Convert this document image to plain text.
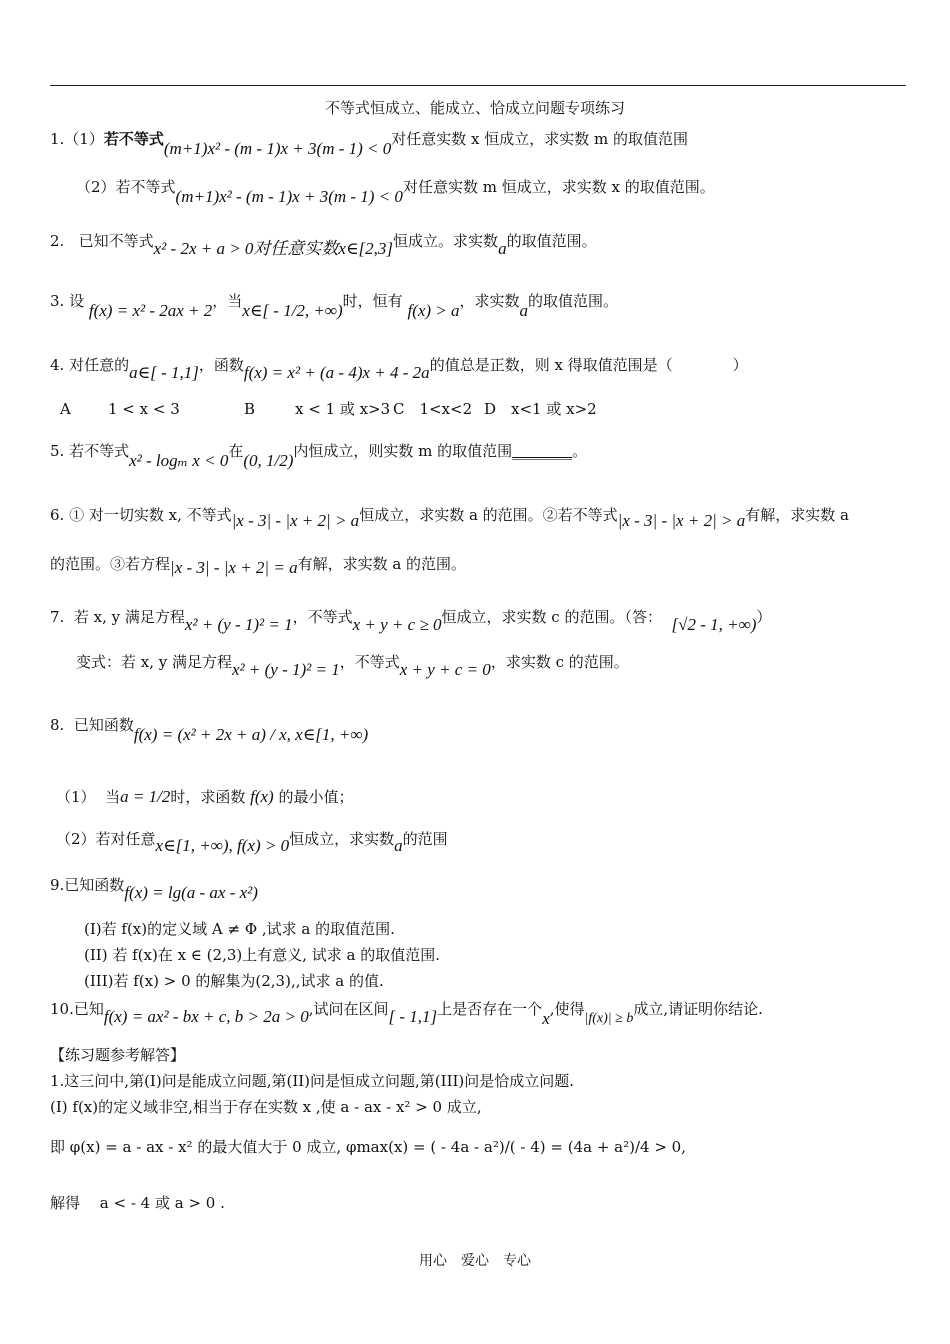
不等式恒成立、能成立、恰成立问题专项练习
1.（1）若不等式(m+1)x² - (m - 1)x + 3(m - 1) < 0对任意实数 x 恒成立，求实数 m 的取值范围
（2）若不等式(m+1)x² - (m - 1)x + 3(m - 1) < 0对任意实数 m 恒成立，求实数 x 的取值范围。
2. 已知不等式x² - 2x + a > 0对任意实数x∈[2,3]恒成立。求实数a的取值范围。
3. 设 f(x) = x² - 2ax + 2，当x∈[ - 1/2, +∞)时，恒有 f(x) > a，求实数a的取值范围。
4. 对任意的a∈[ - 1,1]，函数f(x) = x² + (a - 4)x + 4 - 2a的值总是正数，则 x 得取值范围是（　　　　）
A 1 < x < 3	B	x < 1 或 x>3 C　1<x<2 D　x<1 或 x>2
5. 若不等式x² - logₘ x < 0在(0, 1/2)内恒成立，则实数 m 的取值范围________。
6. ① 对一切实数 x, 不等式|x - 3| - |x + 2| > a恒成立，求实数 a 的范围。②若不等式|x - 3| - |x + 2| > a有解，求实数 a
的范围。③若方程|x - 3| - |x + 2| = a有解，求实数 a 的范围。
7. 若 x, y 满足方程x² + (y - 1)² = 1，不等式x + y + c ≥ 0恒成立，求实数 c 的范围。（答： [√2 - 1, +∞)）
变式：若 x, y 满足方程x² + (y - 1)² = 1，不等式x + y + c = 0，求实数 c 的范围。
8. 已知函数f(x) = (x² + 2x + a) / x, x∈[1, +∞)
（1） 当a = 1/2时，求函数 f(x) 的最小值；
（2）若对任意x∈[1, +∞), f(x) > 0恒成立，求实数a的范围
9.已知函数f(x) = lg(a - ax - x²)
(I)若 f(x)的定义域 A ≠ Φ ,试求 a 的取值范围.
(II) 若 f(x)在 x ∈ (2,3)上有意义, 试求 a 的取值范围.
(III)若 f(x) > 0 的解集为(2,3),,试求 a 的值.
10.已知f(x) = ax² - bx + c, b > 2a > 0,试问在区间[ - 1,1]上是否存在一个x,使得|f(x)| ≥ b成立,请证明你结论.
【练习题参考解答】
1.这三问中,第(I)问是能成立问题,第(II)问是恒成立问题,第(III)问是恰成立问题.
(I) f(x)的定义域非空,相当于存在实数 x ,使 a - ax - x² > 0 成立,
即 φ(x) = a - ax - x² 的最大值大于 0 成立, φmax(x) = ( - 4a - a²)/( - 4) = (4a + a²)/4 > 0,
解得　 a < - 4 或 a > 0 .
用心　爱心　专心
